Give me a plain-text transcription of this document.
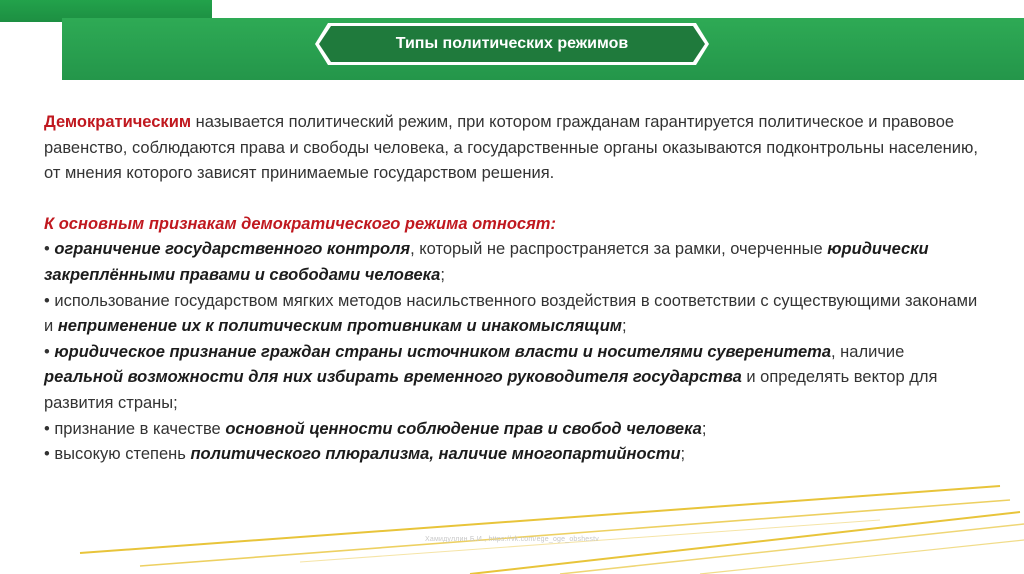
Типы политических режимов

Демократическим называется политический режим, при котором гражданам гарантируется политическое и правовое равенство, соблюдаются права и свободы человека, а государственные органы оказываются подконтрольны населению, от мнения которого зависят принимаемые государством решения.

К основным признакам демократического режима относят:

• ограничение государственного контроля, который не распространяется за рамки, очерченные юридически закреплёнными правами и свободами человека;

• использование государством мягких методов насильственного воздействия в соответствии с существующими законами и неприменение их к политическим противникам и инакомыслящим;

• юридическое признание граждан страны источником власти и носителями суверенитета, наличие реальной возможности для них избирать временного руководителя государства и определять вектор для развития страны;

• признание в качестве основной ценности соблюдение прав и свобод человека;

• высокую степень политического плюрализма, наличие многопартийности;

Хамидуллин Б.И., https://vk.com/ege_oge_obshestv
